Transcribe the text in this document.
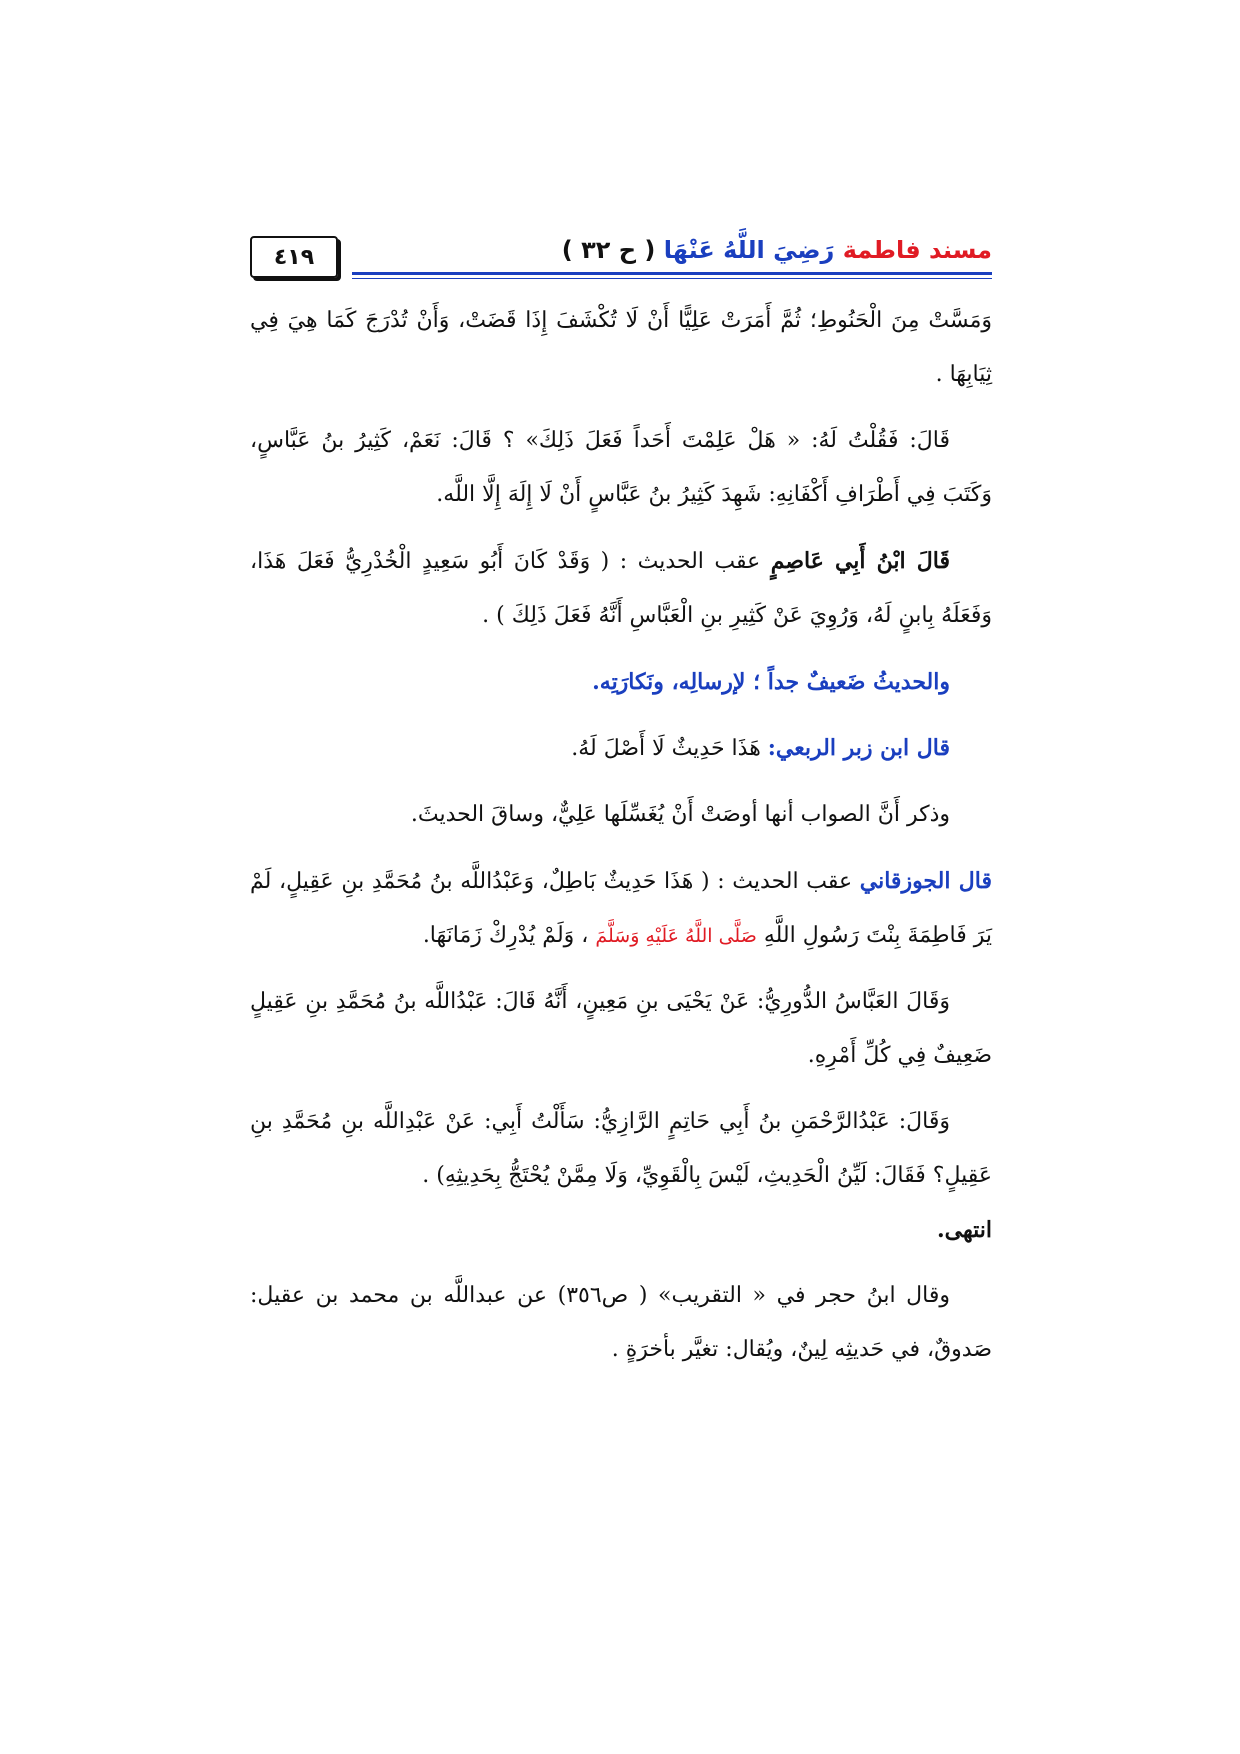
مسند فاطمة رَضِيَ اللَّهُ عَنْهَا ( ح ٣٢ )
٤١٩

وَمَسَّتْ مِنَ الْحَنُوطِ؛ ثُمَّ أَمَرَتْ عَلِيًّا أَنْ لَا تُكْشَفَ إِذَا قَضَتْ، وَأَنْ تُدْرَجَ كَمَا هِيَ فِي ثِيَابِهَا .

قَالَ: فَقُلْتُ لَهُ: « هَلْ عَلِمْتَ أَحَداً فَعَلَ ذَلِكَ» ؟ قَالَ: نَعَمْ، كَثِيرُ بنُ عَبَّاسٍ، وَكَتَبَ فِي أَطْرَافِ أَكْفَانِهِ: شَهِدَ كَثِيرُ بنُ عَبَّاسٍ أَنْ لَا إِلَهَ إِلَّا اللَّه.

قَالَ ابْنُ أَبِي عَاصِمٍ عقب الحديث : ( وَقَدْ كَانَ أَبُو سَعِيدٍ الْخُدْرِيُّ فَعَلَ هَذَا، وَفَعَلَهُ بِابنٍ لَهُ، وَرُوِيَ عَنْ كَثِيرِ بنِ الْعَبَّاسِ أَنَّهُ فَعَلَ ذَلِكَ ) .

والحديثُ ضَعيفٌ جداً ؛ لإرسالِه، ونَكارَتِه.

قال ابن زبر الربعي: هَذَا حَدِيثٌ لَا أَصْلَ لَهُ.

وذكر أَنَّ الصواب أنها أوصَتْ أَنْ يُغَسِّلَها عَلِيٌّ، وساقَ الحديثَ.

قال الجوزقاني عقب الحديث : ( هَذَا حَدِيثٌ بَاطِلٌ، وَعَبْدُاللَّه بنُ مُحَمَّدِ بنِ عَقِيلٍ، لَمْ يَرَ فَاطِمَةَ بِنْتَ رَسُولِ اللَّهِ صَلَّى اللَّهُ عَلَيْهِ وَسَلَّمَ ، وَلَمْ يُدْرِكْ زَمَانَهَا.

وَقَالَ العَبَّاسُ الدُّورِيُّ: عَنْ يَحْيَى بنِ مَعِينٍ، أَنَّهُ قَالَ: عَبْدُاللَّه بنُ مُحَمَّدِ بنِ عَقِيلٍ ضَعِيفٌ فِي كُلِّ أَمْرِهِ.

وَقَالَ: عَبْدُالرَّحْمَنِ بنُ أَبِي حَاتِمٍ الرَّازِيُّ: سَأَلْتُ أَبِي: عَنْ عَبْدِاللَّه بنِ مُحَمَّدِ بنِ عَقِيلٍ؟ فَقَالَ: لَيِّنُ الْحَدِيثِ، لَيْسَ بِالْقَوِيِّ، وَلَا مِمَّنْ يُحْتَجُّ بِحَدِيثِهِ) .

انتهى.

وقال ابنُ حجر في « التقريب» ( ص٣٥٦) عن عبداللَّه بن محمد بن عقيل: صَدوقٌ، في حَديثِه لِينٌ، ويُقال: تغيَّر بأخرَةٍ .
